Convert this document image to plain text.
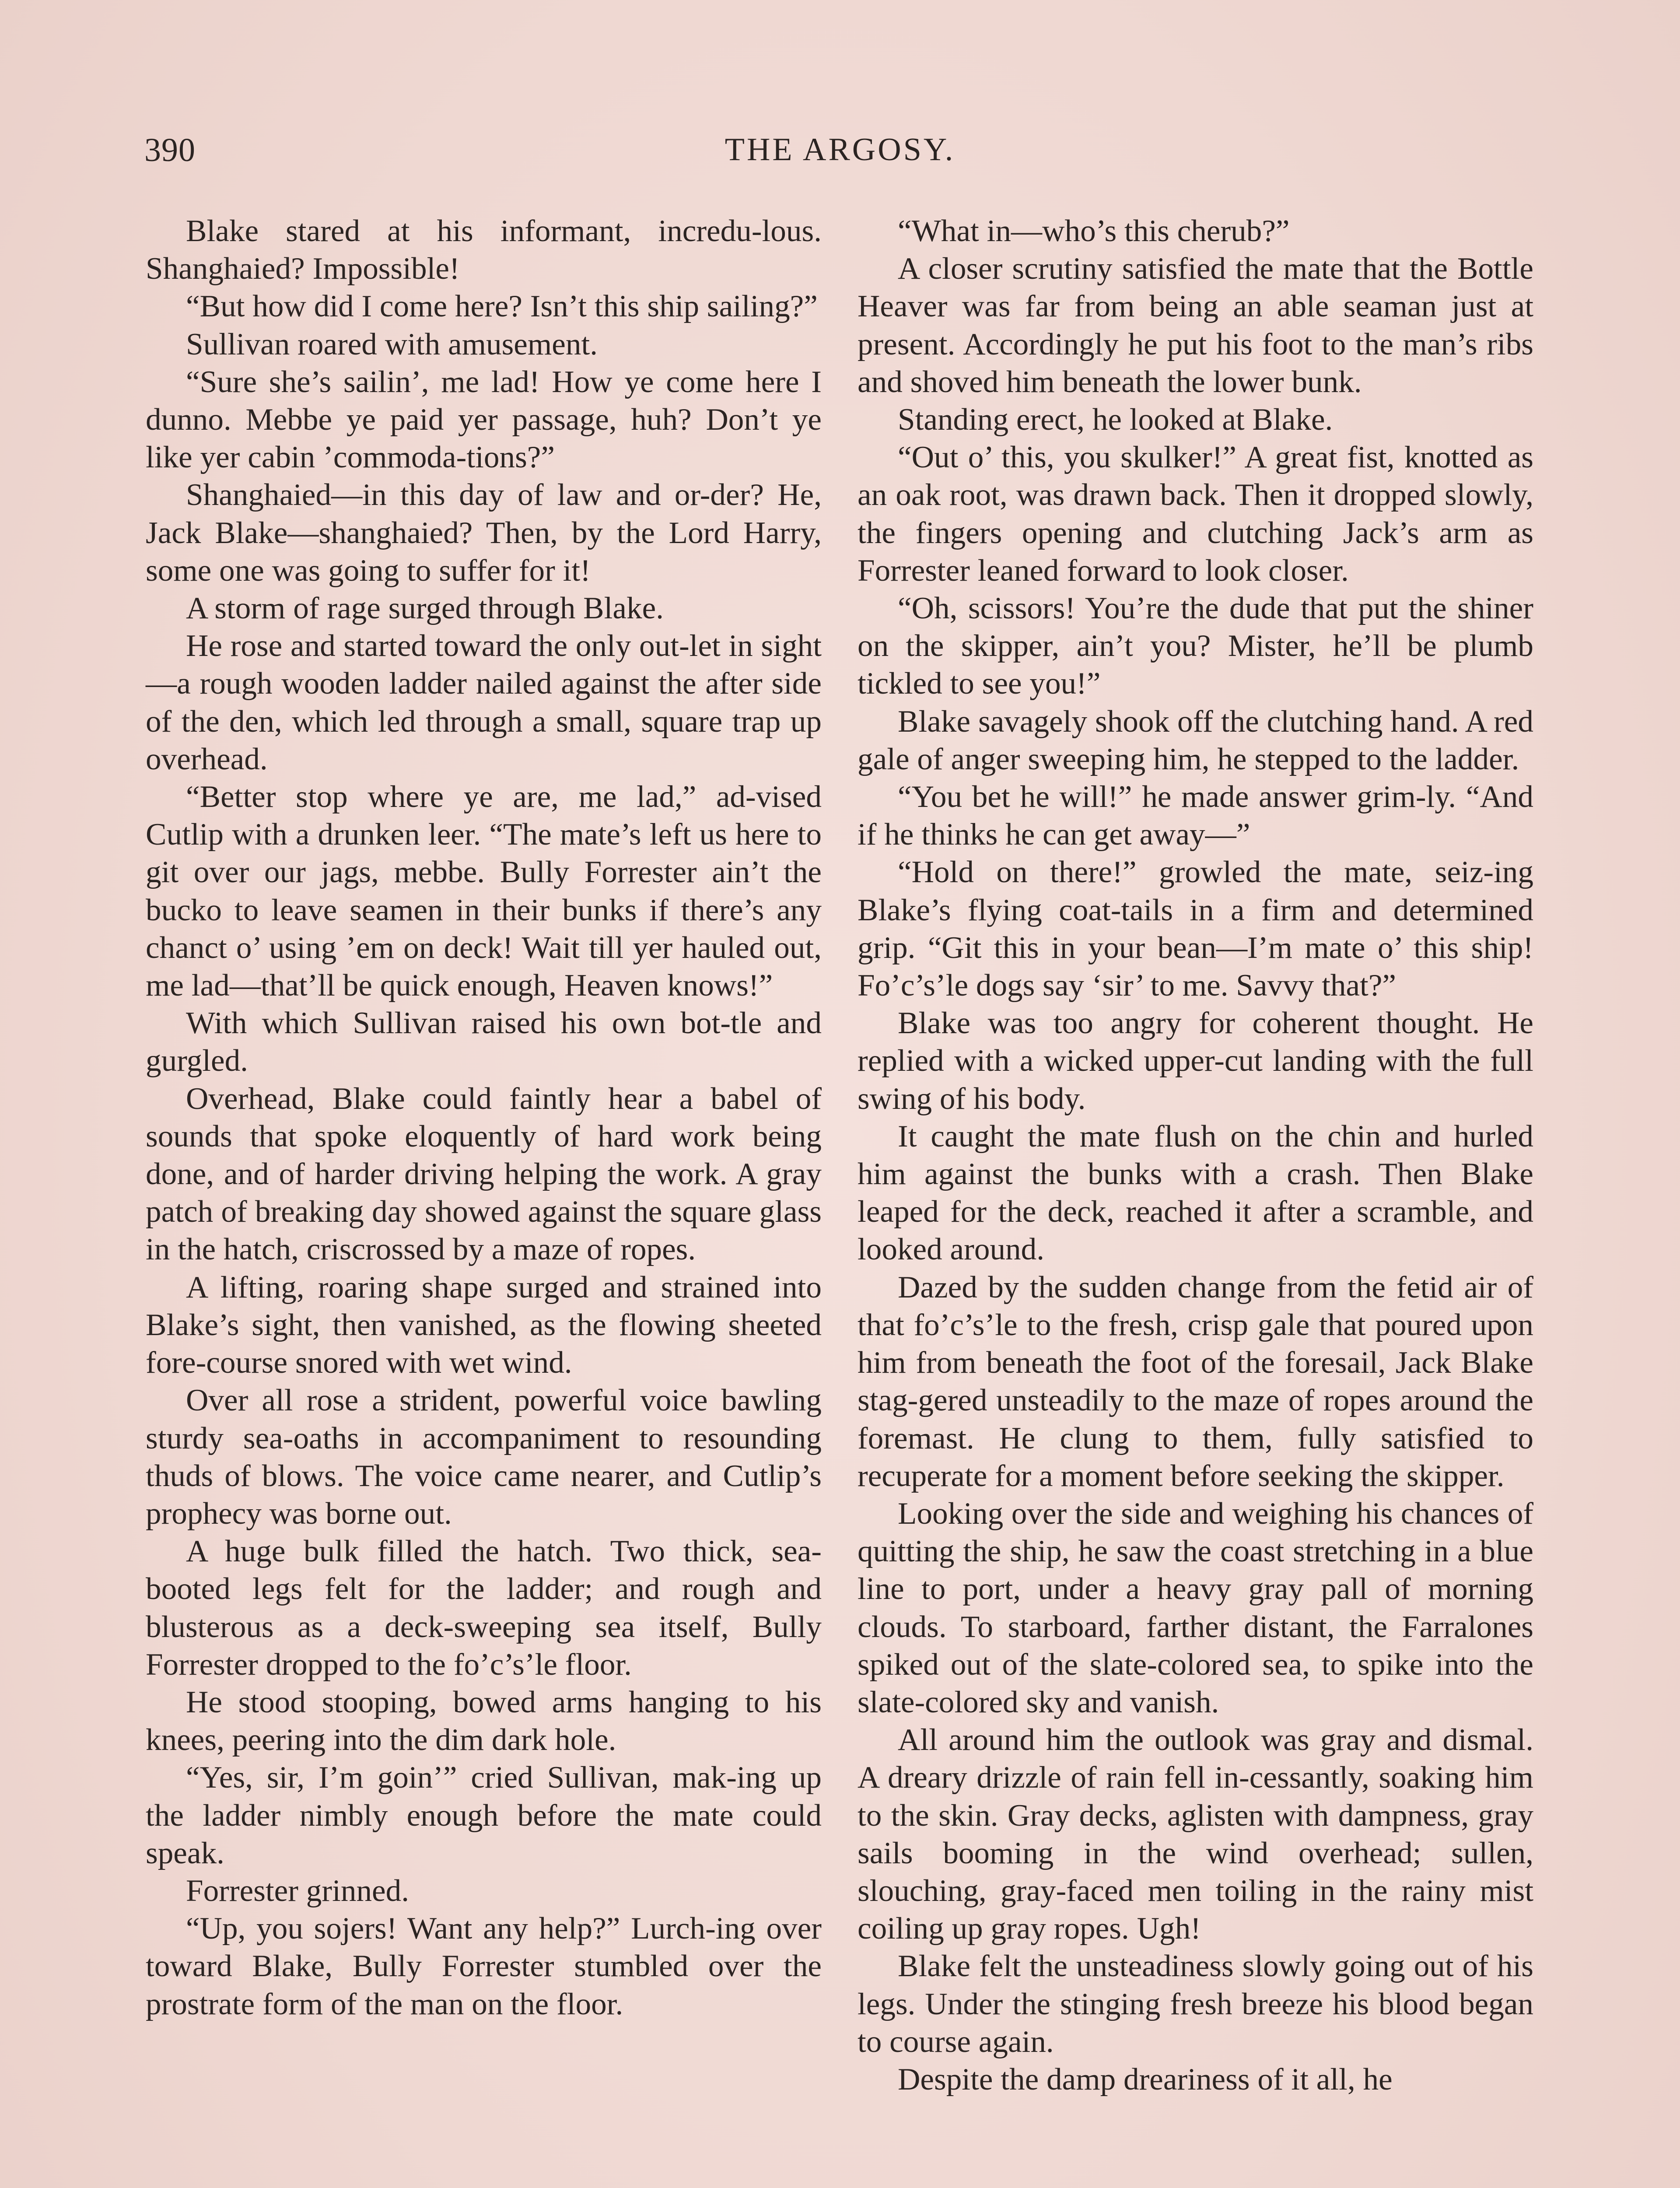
390	THE ARGOSY.

Blake stared at his informant, incredu-lous. Shanghaied? Impossible!

“But how did I come here? Isn’t this ship sailing?”

Sullivan roared with amusement.

“Sure she’s sailin’, me lad! How ye come here I dunno. Mebbe ye paid yer passage, huh? Don’t ye like yer cabin ’commoda-tions?”

Shanghaied—in this day of law and or-der? He, Jack Blake—shanghaied? Then, by the Lord Harry, some one was going to suffer for it!

A storm of rage surged through Blake.

He rose and started toward the only out-let in sight—a rough wooden ladder nailed against the after side of the den, which led through a small, square trap up overhead.

“Better stop where ye are, me lad,” ad-vised Cutlip with a drunken leer. “The mate’s left us here to git over our jags, mebbe. Bully Forrester ain’t the bucko to leave seamen in their bunks if there’s any chanct o’ using ’em on deck! Wait till yer hauled out, me lad—that’ll be quick enough, Heaven knows!”

With which Sullivan raised his own bot-tle and gurgled.

Overhead, Blake could faintly hear a babel of sounds that spoke eloquently of hard work being done, and of harder driving helping the work. A gray patch of breaking day showed against the square glass in the hatch, criscrossed by a maze of ropes.

A lifting, roaring shape surged and strained into Blake’s sight, then vanished, as the flowing sheeted fore-course snored with wet wind.

Over all rose a strident, powerful voice bawling sturdy sea-oaths in accompaniment to resounding thuds of blows. The voice came nearer, and Cutlip’s prophecy was borne out.

A huge bulk filled the hatch. Two thick, sea-booted legs felt for the ladder; and rough and blusterous as a deck-sweeping sea itself, Bully Forrester dropped to the fo’c’s’le floor.

He stood stooping, bowed arms hanging to his knees, peering into the dim dark hole.

“Yes, sir, I’m goin’” cried Sullivan, mak-ing up the ladder nimbly enough before the mate could speak.

Forrester grinned.

“Up, you sojers! Want any help?” Lurch-ing over toward Blake, Bully Forrester stumbled over the prostrate form of the man on the floor.

“What in—who’s this cherub?”

A closer scrutiny satisfied the mate that the Bottle Heaver was far from being an able seaman just at present. Accordingly he put his foot to the man’s ribs and shoved him beneath the lower bunk.

Standing erect, he looked at Blake.

“Out o’ this, you skulker!” A great fist, knotted as an oak root, was drawn back. Then it dropped slowly, the fingers opening and clutching Jack’s arm as Forrester leaned forward to look closer.

“Oh, scissors! You’re the dude that put the shiner on the skipper, ain’t you? Mister, he’ll be plumb tickled to see you!”

Blake savagely shook off the clutching hand. A red gale of anger sweeping him, he stepped to the ladder.

“You bet he will!” he made answer grim-ly. “And if he thinks he can get away—”

“Hold on there!” growled the mate, seiz-ing Blake’s flying coat-tails in a firm and determined grip. “Git this in your bean—I’m mate o’ this ship! Fo’c’s’le dogs say ‘sir’ to me. Savvy that?”

Blake was too angry for coherent thought. He replied with a wicked upper-cut landing with the full swing of his body.

It caught the mate flush on the chin and hurled him against the bunks with a crash. Then Blake leaped for the deck, reached it after a scramble, and looked around.

Dazed by the sudden change from the fetid air of that fo’c’s’le to the fresh, crisp gale that poured upon him from beneath the foot of the foresail, Jack Blake stag-gered unsteadily to the maze of ropes around the foremast. He clung to them, fully satisfied to recuperate for a moment before seeking the skipper.

Looking over the side and weighing his chances of quitting the ship, he saw the coast stretching in a blue line to port, under a heavy gray pall of morning clouds. To starboard, farther distant, the Farralones spiked out of the slate-colored sea, to spike into the slate-colored sky and vanish.

All around him the outlook was gray and dismal. A dreary drizzle of rain fell in-cessantly, soaking him to the skin. Gray decks, aglisten with dampness, gray sails booming in the wind overhead; sullen, slouching, gray-faced men toiling in the rainy mist coiling up gray ropes. Ugh!

Blake felt the unsteadiness slowly going out of his legs. Under the stinging fresh breeze his blood began to course again.

Despite the damp dreariness of it all, he
